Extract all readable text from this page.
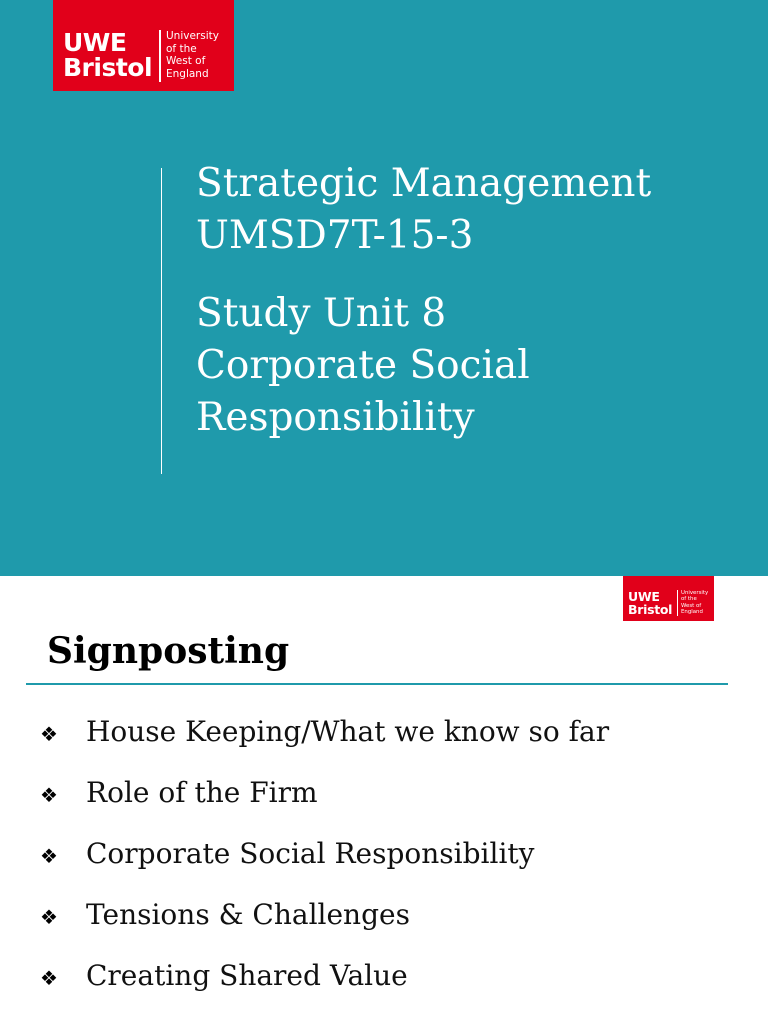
UWE
Bristol
University
of the
West of
England
Strategic Management
UMSD7T-15-3
Study Unit 8
Corporate Social
Responsibility
UWE
Bristol
University
of the
West of
England
Signposting
❖ House Keeping/What we know so far
❖ Role of the Firm
❖ Corporate Social Responsibility
❖ Tensions & Challenges
❖ Creating Shared Value
